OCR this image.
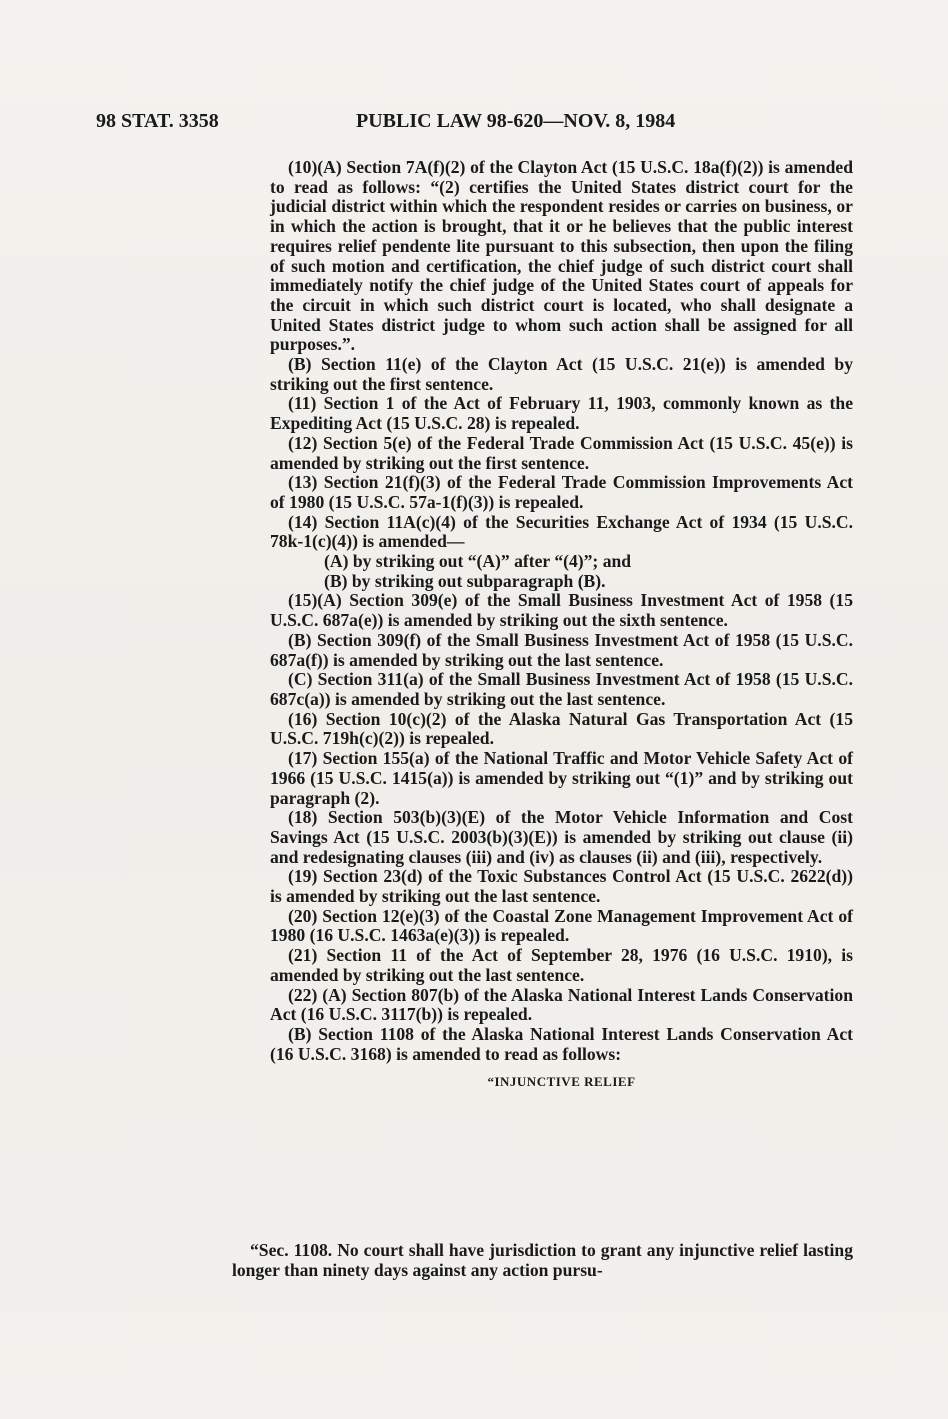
98 STAT. 3358	PUBLIC LAW 98-620—NOV. 8, 1984

(10)(A) Section 7A(f)(2) of the Clayton Act (15 U.S.C. 18a(f)(2)) is amended to read as follows: “(2) certifies the United States district court for the judicial district within which the respondent resides or carries on business, or in which the action is brought, that it or he believes that the public interest requires relief pendente lite pursuant to this subsection, then upon the filing of such motion and certification, the chief judge of such district court shall immediately notify the chief judge of the United States court of appeals for the circuit in which such district court is located, who shall designate a United States district judge to whom such action shall be assigned for all purposes.”.

(B) Section 11(e) of the Clayton Act (15 U.S.C. 21(e)) is amended by striking out the first sentence.

(11) Section 1 of the Act of February 11, 1903, commonly known as the Expediting Act (15 U.S.C. 28) is repealed.

(12) Section 5(e) of the Federal Trade Commission Act (15 U.S.C. 45(e)) is amended by striking out the first sentence.

(13) Section 21(f)(3) of the Federal Trade Commission Improvements Act of 1980 (15 U.S.C. 57a-1(f)(3)) is repealed.

(14) Section 11A(c)(4) of the Securities Exchange Act of 1934 (15 U.S.C. 78k-1(c)(4)) is amended—

(A) by striking out “(A)” after “(4)”; and

(B) by striking out subparagraph (B).

(15)(A) Section 309(e) of the Small Business Investment Act of 1958 (15 U.S.C. 687a(e)) is amended by striking out the sixth sentence.

(B) Section 309(f) of the Small Business Investment Act of 1958 (15 U.S.C. 687a(f)) is amended by striking out the last sentence.

(C) Section 311(a) of the Small Business Investment Act of 1958 (15 U.S.C. 687c(a)) is amended by striking out the last sentence.

(16) Section 10(c)(2) of the Alaska Natural Gas Transportation Act (15 U.S.C. 719h(c)(2)) is repealed.

(17) Section 155(a) of the National Traffic and Motor Vehicle Safety Act of 1966 (15 U.S.C. 1415(a)) is amended by striking out “(1)” and by striking out paragraph (2).

(18) Section 503(b)(3)(E) of the Motor Vehicle Information and Cost Savings Act (15 U.S.C. 2003(b)(3)(E)) is amended by striking out clause (ii) and redesignating clauses (iii) and (iv) as clauses (ii) and (iii), respectively.

(19) Section 23(d) of the Toxic Substances Control Act (15 U.S.C. 2622(d)) is amended by striking out the last sentence.

(20) Section 12(e)(3) of the Coastal Zone Management Improvement Act of 1980 (16 U.S.C. 1463a(e)(3)) is repealed.

(21) Section 11 of the Act of September 28, 1976 (16 U.S.C. 1910), is amended by striking out the last sentence.

(22) (A) Section 807(b) of the Alaska National Interest Lands Conservation Act (16 U.S.C. 3117(b)) is repealed.

(B) Section 1108 of the Alaska National Interest Lands Conservation Act (16 U.S.C. 3168) is amended to read as follows:

“INJUNCTIVE RELIEF

“Sec. 1108. No court shall have jurisdiction to grant any injunctive relief lasting longer than ninety days against any action pursu-
